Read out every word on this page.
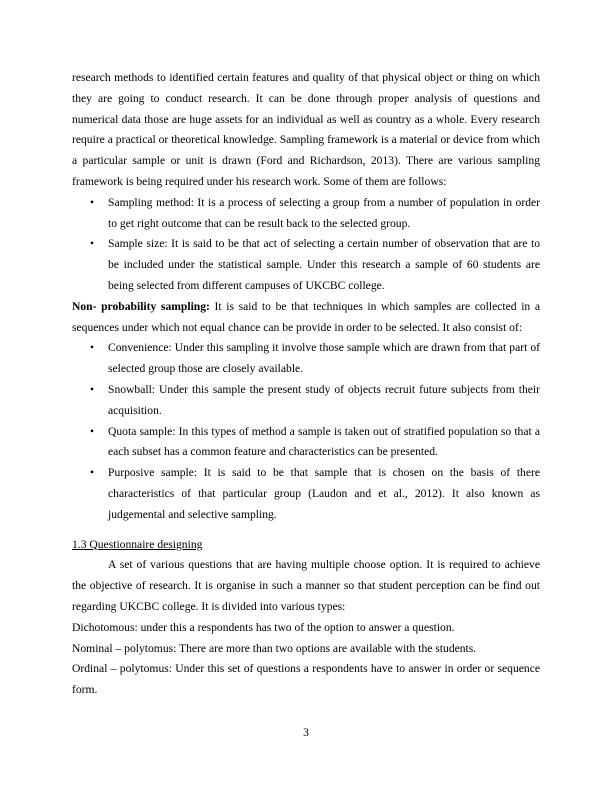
research methods to identified certain features and quality of that physical object or thing on which they are going to conduct research. It can be done through proper analysis of questions and numerical data those are huge assets for an individual as well as country as a whole. Every research require a practical or theoretical knowledge. Sampling framework is a material or device from which a particular sample or unit is drawn (Ford and Richardson, 2013). There are various sampling framework is being required under his research work. Some of them are follows:

• Sampling method: It is a process of selecting a group from a number of population in order to get right outcome that can be result back to the selected group.
• Sample size: It is said to be that act of selecting a certain number of observation that are to be included under the statistical sample. Under this research a sample of 60 students are being selected from different campuses of UKCBC college.

Non- probability sampling: It is said to be that techniques in which samples are collected in a sequences under which not equal chance can be provide in order to be selected. It also consist of:

• Convenience: Under this sampling it involve those sample which are drawn from that part of selected group those are closely available.
• Snowball: Under this sample the present study of objects recruit future subjects from their acquisition.
• Quota sample: In this types of method a sample is taken out of stratified population so that a each subset has a common feature and characteristics can be presented.
• Purposive sample: It is said to be that sample that is chosen on the basis of there characteristics of that particular group (Laudon and et al., 2012). It also known as judgemental and selective sampling.

1.3 Questionnaire designing

A set of various questions that are having multiple choose option. It is required to achieve the objective of research. It is organise in such a manner so that student perception can be find out regarding UKCBC college. It is divided into various types:

Dichotomous: under this a respondents has two of the option to answer a question.

Nominal – polytomus: There are more than two options are available with the students.

Ordinal – polytomus: Under this set of questions a respondents have to answer in order or sequence form.

3
